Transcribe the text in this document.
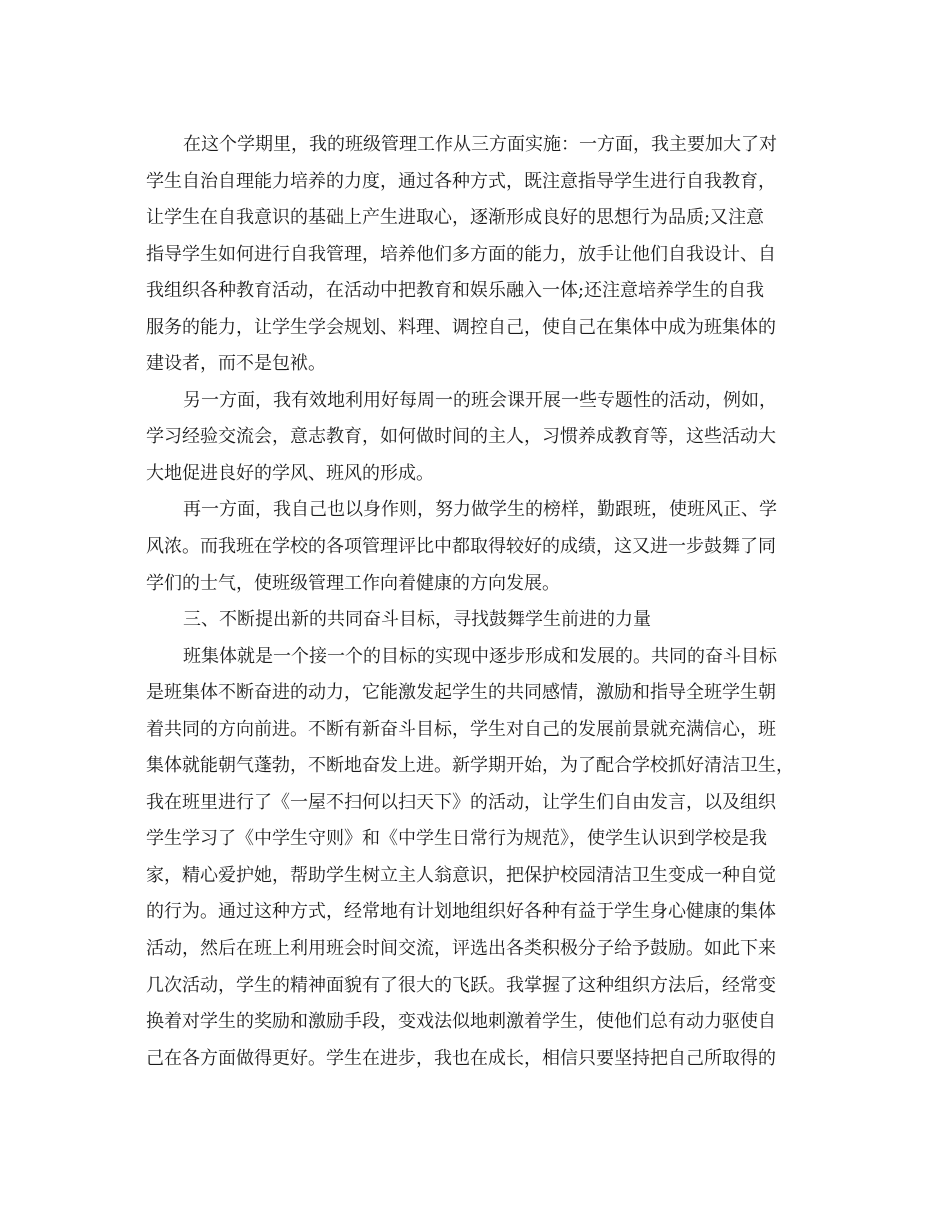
在这个学期里，我的班级管理工作从三方面实施：一方面，我主要加大了对
学生自治自理能力培养的力度，通过各种方式，既注意指导学生进行自我教育，
让学生在自我意识的基础上产生进取心，逐渐形成良好的思想行为品质;又注意
指导学生如何进行自我管理，培养他们多方面的能力，放手让他们自我设计、自
我组织各种教育活动，在活动中把教育和娱乐融入一体;还注意培养学生的自我
服务的能力，让学生学会规划、料理、调控自己，使自己在集体中成为班集体的
建设者，而不是包袱。
另一方面，我有效地利用好每周一的班会课开展一些专题性的活动，例如，
学习经验交流会，意志教育，如何做时间的主人，习惯养成教育等，这些活动大
大地促进良好的学风、班风的形成。
再一方面，我自己也以身作则，努力做学生的榜样，勤跟班，使班风正、学
风浓。而我班在学校的各项管理评比中都取得较好的成绩，这又进一步鼓舞了同
学们的士气，使班级管理工作向着健康的方向发展。
三、不断提出新的共同奋斗目标，寻找鼓舞学生前进的力量
班集体就是一个接一个的目标的实现中逐步形成和发展的。共同的奋斗目标
是班集体不断奋进的动力，它能激发起学生的共同感情，激励和指导全班学生朝
着共同的方向前进。不断有新奋斗目标，学生对自己的发展前景就充满信心，班
集体就能朝气蓬勃，不断地奋发上进。新学期开始，为了配合学校抓好清洁卫生，
我在班里进行了《一屋不扫何以扫天下》的活动，让学生们自由发言，以及组织
学生学习了《中学生守则》和《中学生日常行为规范》，使学生认识到学校是我
家，精心爱护她，帮助学生树立主人翁意识，把保护校园清洁卫生变成一种自觉
的行为。通过这种方式，经常地有计划地组织好各种有益于学生身心健康的集体
活动，然后在班上利用班会时间交流，评选出各类积极分子给予鼓励。如此下来
几次活动，学生的精神面貌有了很大的飞跃。我掌握了这种组织方法后，经常变
换着对学生的奖励和激励手段，变戏法似地刺激着学生，使他们总有动力驱使自
己在各方面做得更好。学生在进步，我也在成长，相信只要坚持把自己所取得的
